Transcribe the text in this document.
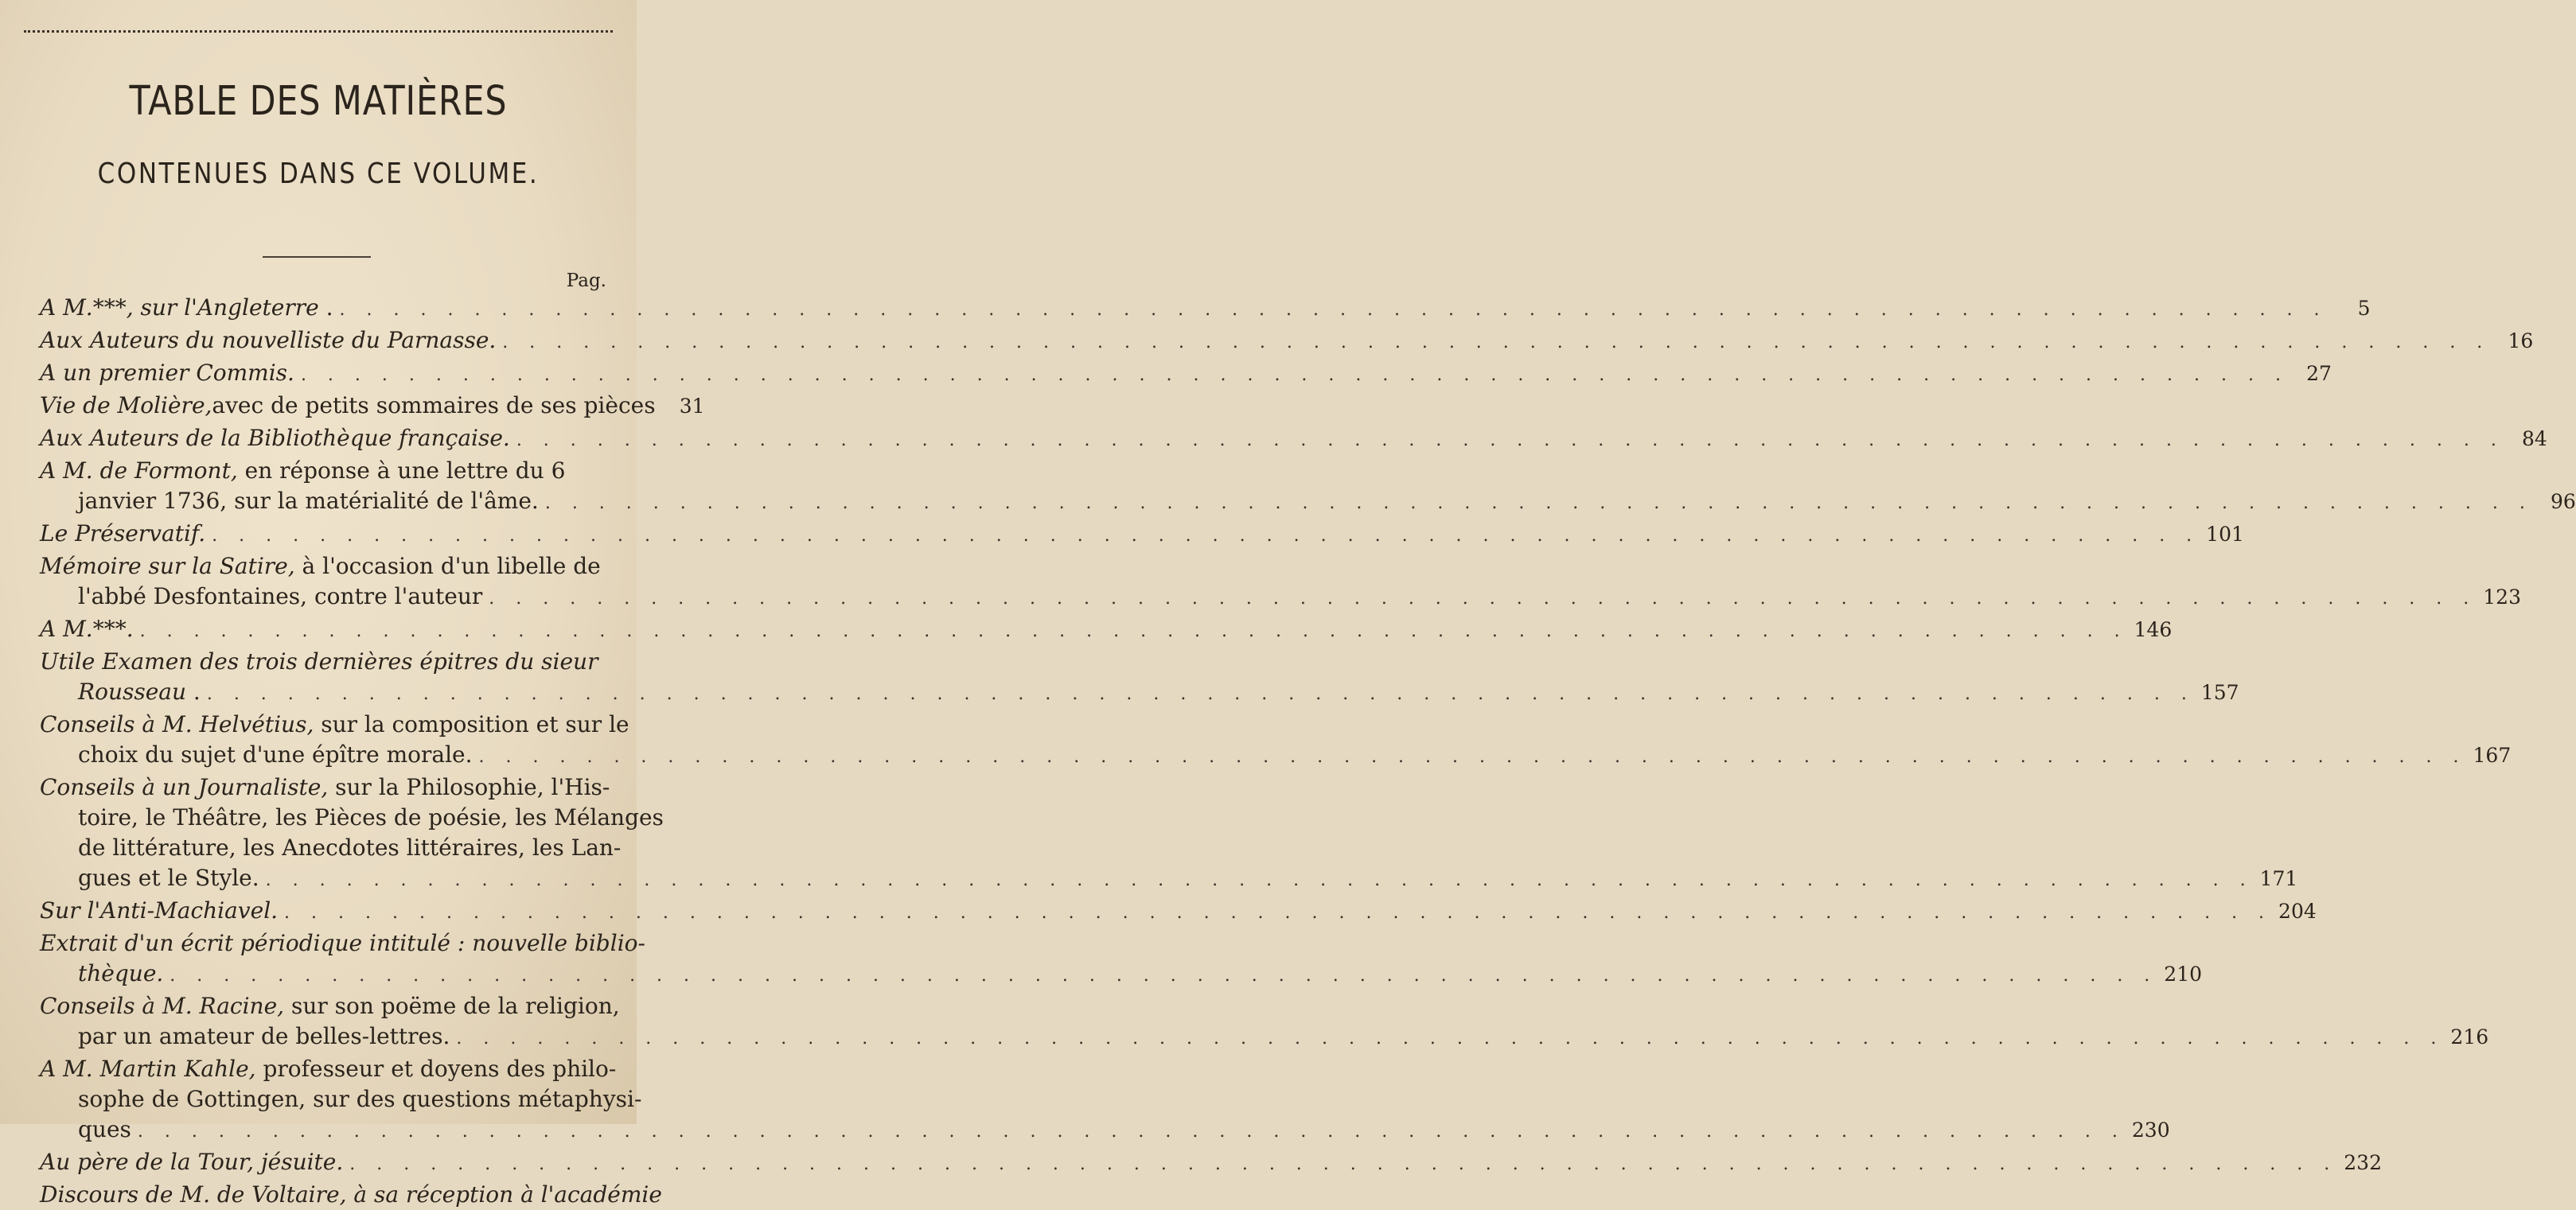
TABLE DES MATIÈRES
CONTENUES DANS CE VOLUME.
Pag.
A M.***, sur l'Angleterre . . . .	5
Aux Auteurs du nouvelliste du Parnasse. . . .	16
A un premier Commis. . . .	27
Vie de Molière,avec de petits sommaires de ses pièces	31
Aux Auteurs de la Bibliothèque française. . . .	84
A M. de Formont, en réponse à une lettre du 6
janvier 1736, sur la matérialité de l'âme. . . .	96
Le Préservatif. . . .	101
Mémoire sur la Satire, à l'occasion d'un libelle de
l'abbé Desfontaines, contre l'auteur . . .	123
A M.***. . . .	146
Utile Examen des trois dernières épitres du sieur
Rousseau . . . .	157
Conseils à M. Helvétius, sur la composition et sur le
choix du sujet d'une épître morale. . . .	167
Conseils à un Journaliste, sur la Philosophie, l'His-
toire, le Théâtre, les Pièces de poésie, les Mélanges
de littérature, les Anecdotes littéraires, les Lan-
gues et le Style. . . .	171
Sur l'Anti-Machiavel. . . .	204
Extrait d'un écrit périodique intitulé : nouvelle biblio-
thèque. . . .	210
Conseils à M. Racine, sur son poëme de la religion,
par un amateur de belles-lettres. . . .	216
A M. Martin Kahle, professeur et doyens des philo-
sophe de Gottingen, sur des questions métaphysi-
ques . . .	230
Au père de la Tour, jésuite. . . .	232
Discours de M. de Voltaire, à sa réception à l'académie
